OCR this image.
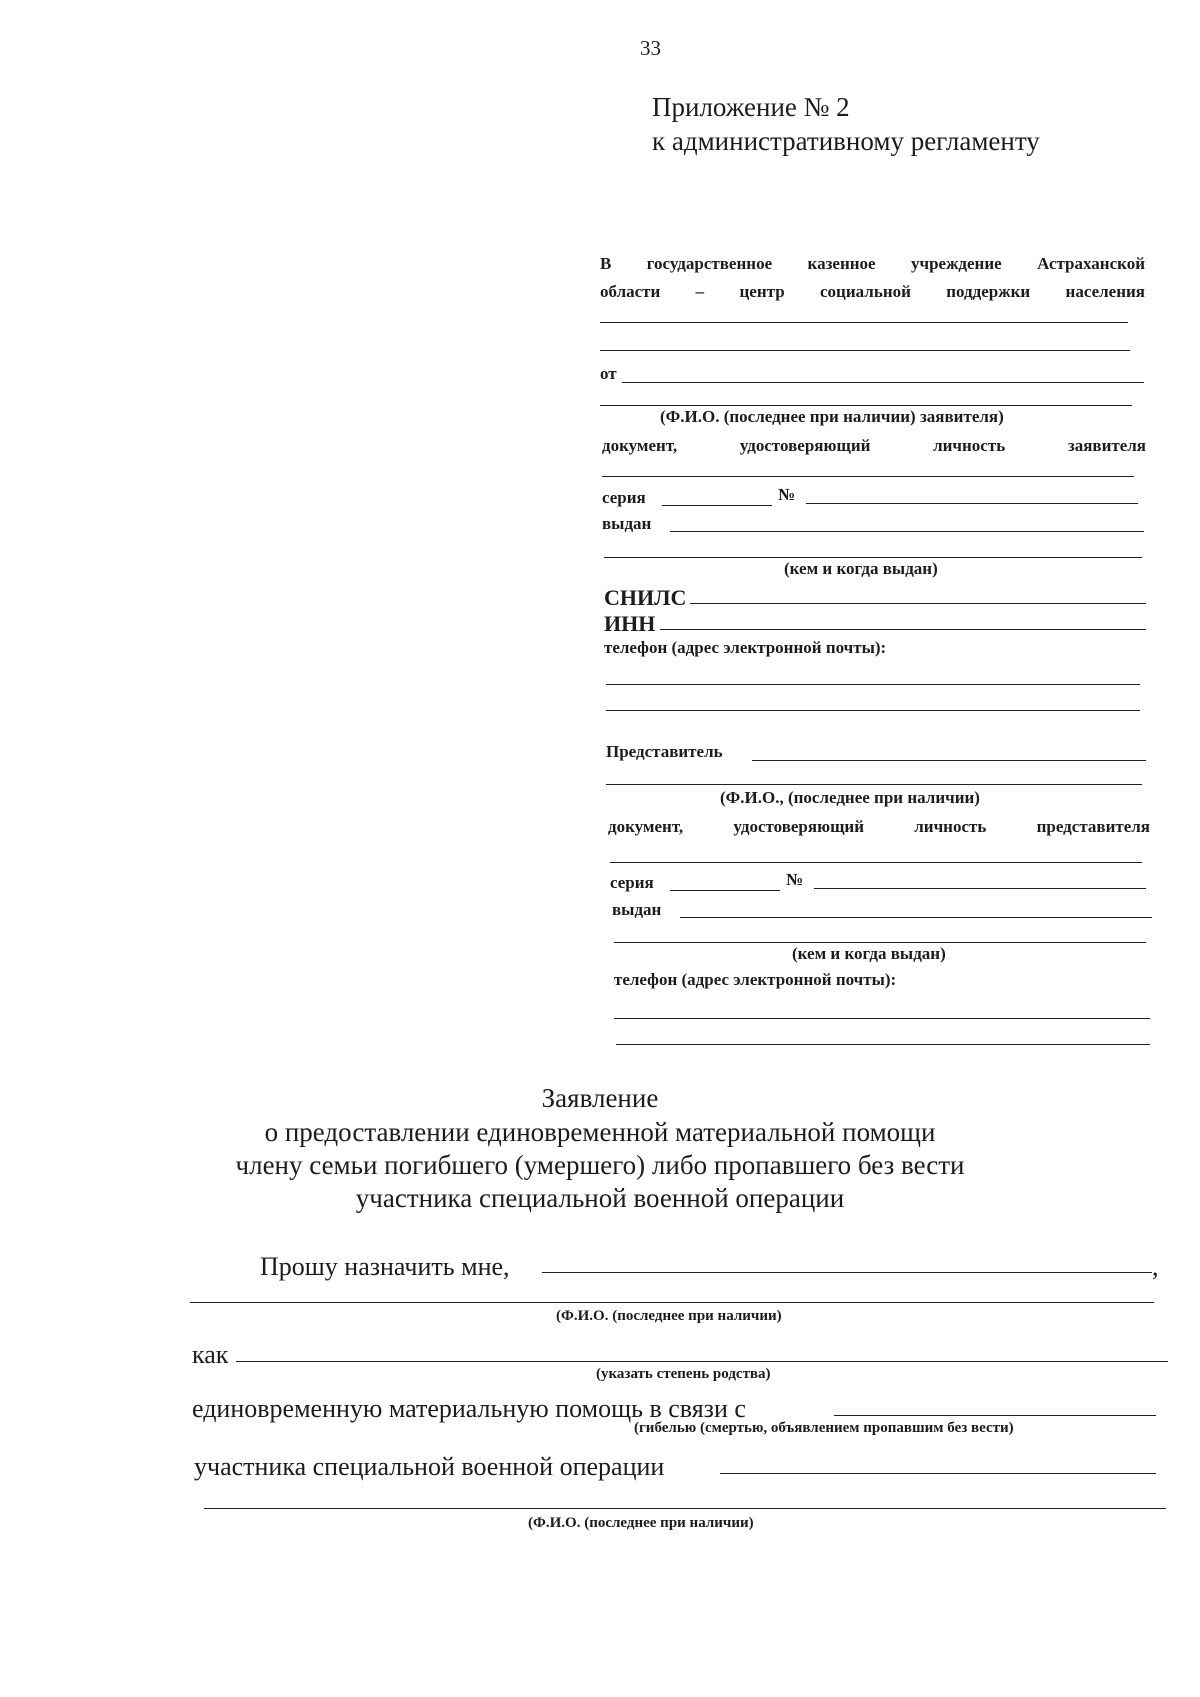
33
Приложение № 2
к административному регламенту
В государственное казенное учреждение Астраханской
области – центр социальной поддержки населения
от
(Ф.И.О. (последнее при наличии) заявителя)
документ, удостоверяющий личность заявителя
серия	№
выдан
(кем и когда выдан)
СНИЛС
ИНН
телефон (адрес электронной почты):
Представитель
(Ф.И.О., (последнее при наличии)
документ, удостоверяющий личность представителя
серия	№
выдан
(кем и когда выдан)
телефон (адрес электронной почты):
Заявление
о предоставлении единовременной материальной помощи
члену семьи погибшего (умершего) либо пропавшего без вести
участника специальной военной операции
Прошу назначить мне,	,
(Ф.И.О. (последнее при наличии)
как
(указать степень родства)
единовременную материальную помощь в связи с
(гибелью (смертью, объявлением пропавшим без вести)
участника специальной военной операции
(Ф.И.О. (последнее при наличии)
